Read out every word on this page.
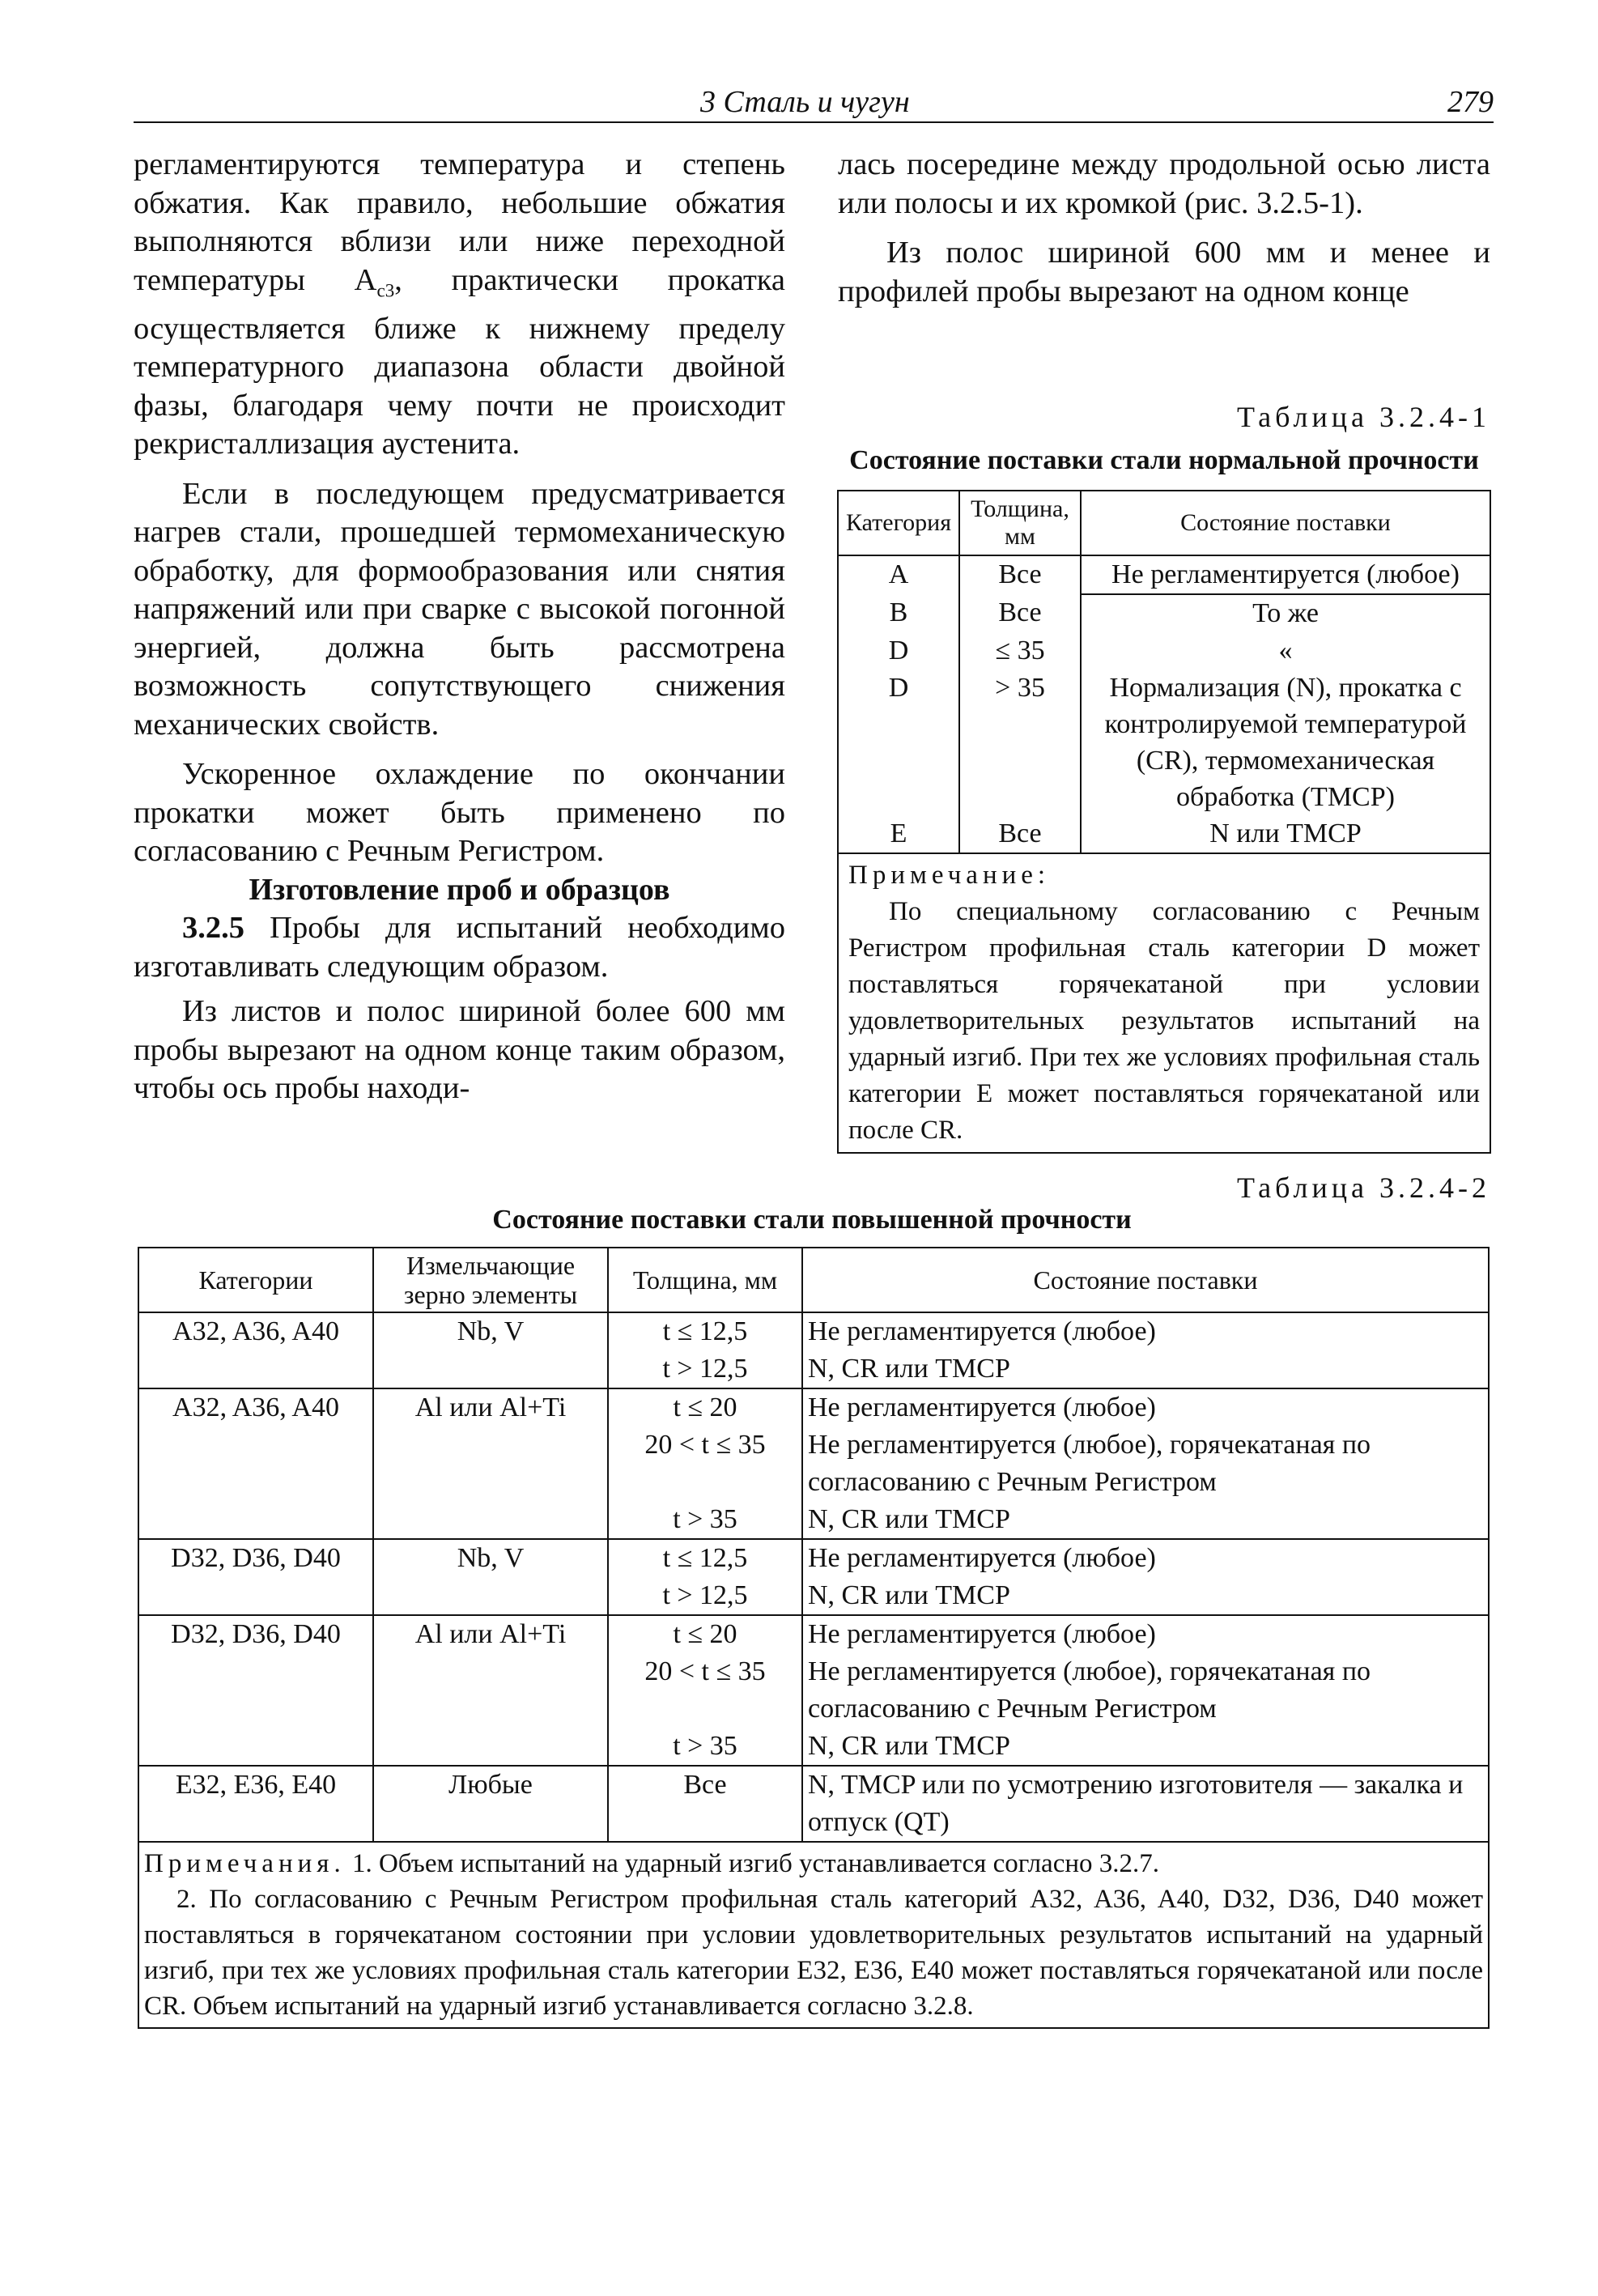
3 Сталь и чугун	279

регламентируются температура и степень обжатия. Как правило, небольшие обжатия выполняются вблизи или ниже переходной температуры $A_{c3}$, практически прокатка осуществляется ближе к нижнему пределу температурного диапазона области двойной фазы, благодаря чему почти не происходит рекристаллизация аустенита.

Если в последующем предусматривается нагрев стали, прошедшей термомеханическую обработку, для формообразования или снятия напряжений или при сварке с высокой погонной энергией, должна быть рассмотрена возможность сопутствующего снижения механических свойств.

Ускоренное охлаждение по окончании прокатки может быть применено по согласованию с Речным Регистром.

Изготовление проб и образцов

3.2.5 Пробы для испытаний необходимо изготавливать следующим образом.

Из листов и полос шириной более 600 мм пробы вырезают на одном конце таким образом, чтобы ось пробы находи-

лась посередине между продольной осью листа или полосы и их кромкой (рис. 3.2.5-1).

Из полос шириной 600 мм и менее и профилей пробы вырезают на одном конце

Таблица 3.2.4-1
Состояние поставки стали нормальной прочности
Категория	Толщина, мм	Состояние поставки
A	Все	Не регламентируется (любое)
B	Все	То же
D	≤ 35	«
D	> 35	Нормализация (N), прокатка с контролируемой температурой (CR), термомеханическая обработка (TMCP)
E	Все	N или TMCP

Примечание:
По специальному согласованию с Речным Регистром профильная сталь категории D может поставляться горячекатаной при условии удовлетворительных результатов испытаний на ударный изгиб. При тех же условиях профильная сталь категории E может поставляться горячекатаной или после CR.		
Таблица 3.2.4-2
Состояние поставки стали повышенной прочности
Категории	Измельчающие зерно элементы	Толщина, мм	Состояние поставки
A32, A36, A40	Nb, V	t ≤ 12,5	Не регламентируется (любое)
		t > 12,5	N, CR или TMCP
A32, A36, A40	Al или Al+Ti	t ≤ 20	Не регламентируется (любое)
		20 < t ≤ 35	Не регламентируется (любое), горячекатаная по согласованию с Речным Регистром
		t > 35	N, CR или TMCP
D32, D36, D40	Nb, V	t ≤ 12,5	Не регламентируется (любое)
		t > 12,5	N, CR или TMCP
D32, D36, D40	Al или Al+Ti	t ≤ 20	Не регламентируется (любое)
		20 < t ≤ 35	Не регламентируется (любое), горячекатаная по согласованию с Речным Регистром
		t > 35	N, CR или TMCP
E32, E36, E40	Любые	Все	N, TMCP или по усмотрению изготовителя — закалка и отпуск (QT)

Примечания. 1. Объем испытаний на ударный изгиб устанавливается согласно 3.2.7.
2. По согласованию с Речным Регистром профильная сталь категорий A32, A36, A40, D32, D36, D40 может поставляться в горячекатаном состоянии при условии удовлетворительных результатов испытаний на ударный изгиб, при тех же условиях профильная сталь категории E32, E36, E40 может поставляться горячекатаной или после CR. Объем испытаний на ударный изгиб устанавливается согласно 3.2.8.			
